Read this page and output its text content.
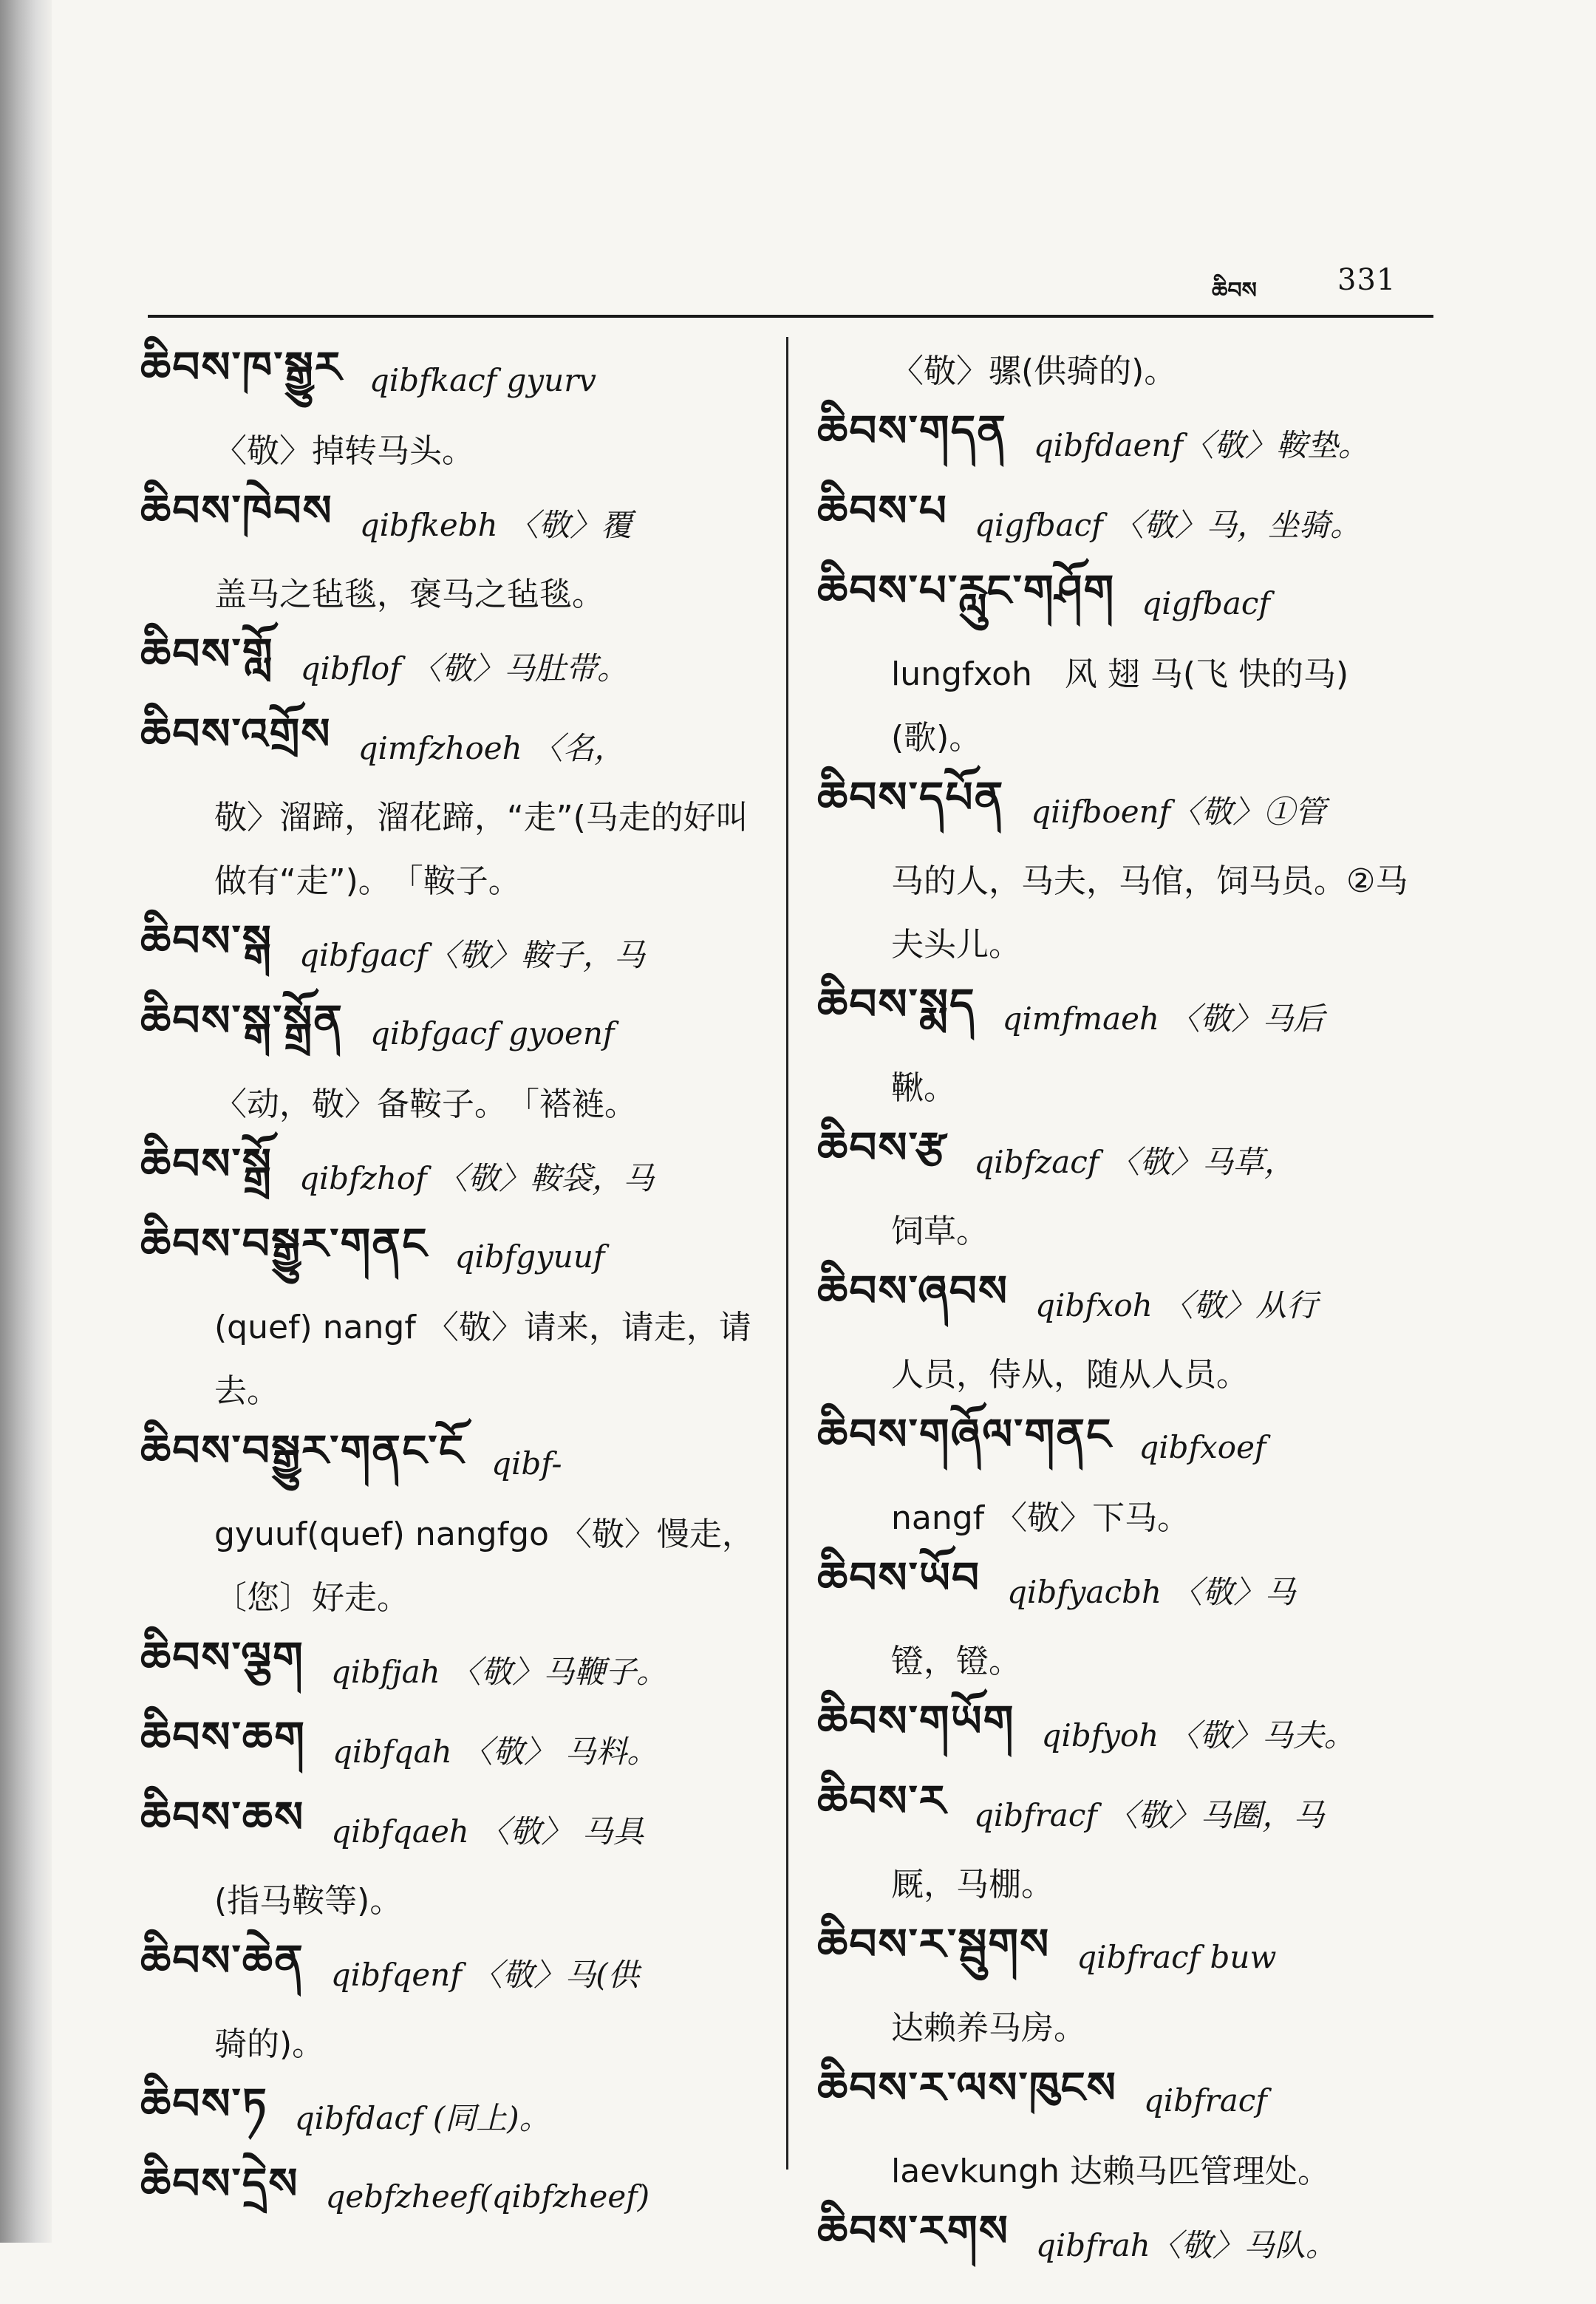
ཆིབས	331
ཆིབས་ཁ་སྒྱུར qibfkacf gyurv
〈敬〉掉转马头。
ཆིབས་ཁེབས qibfkebh 〈敬〉覆
盖马之毡毯，褒马之毡毯。
ཆིབས་གློ qibflof 〈敬〉马肚带。
ཆིབས་འགྲོས qimfzhoeh 〈名，
敬〉溜蹄，溜花蹄，“走”(马走的好叫做有“走”)。　「鞍子。
ཆིབས་སྒ qibfgacf〈敬〉鞍子，马
ཆིབས་སྒ་སྒྲོན qibfgacf gyoenf
〈动，敬〉备鞍子。　「褡裢。
ཆིབས་སྒྲོ qibfzhof 〈敬〉鞍袋，马
ཆིབས་བསྒྱུར་གནང qibfgyuuf
(quef) nangf 〈敬〉请来，请走，请去。
ཆིབས་བསྒྱུར་གནང་ངོ qibf-
gyuuf(quef) nangfgo 〈敬〉慢走，〔您〕好走。
ཆིབས་ལྕག qibfjah 〈敬〉马鞭子。
ཆིབས་ཆག qibfqah 〈敬〉 马料。
ཆིབས་ཆས qibfqaeh 〈敬〉 马具
(指马鞍等)。
ཆིབས་ཆེན qibfqenf 〈敬〉马(供
骑的)。
ཆིབས་ཏ qibfdacf (同上)。
ཆིབས་དྲེས qebfzheef(qibfzheef)
〈敬〉骡(供骑的)。
ཆིབས་གདན qibfdaenf〈敬〉鞍垫。
ཆིབས་པ qigfbacf 〈敬〉马，坐骑。
ཆིབས་པ་རླུང་གཤོག qigfbacf
lungfxoh　风 翅 马(飞 快的马)(歌)。
ཆིབས་དཔོན qiifboenf〈敬〉①管
马的人，马夫，马倌，饲马员。②马夫头儿。
ཆིབས་སྨད qimfmaeh 〈敬〉马后
鞦。
ཆིབས་རྩ qibfzacf 〈敬〉马草，
饲草。
ཆིབས་ཞབས qibfxoh 〈敬〉从行
人员，侍从，随从人员。
ཆིབས་གཞོལ་གནང qibfxoef
nangf 〈敬〉下马。
ཆིབས་ཡོབ qibfyacbh 〈敬〉马
镫，镫。
ཆིབས་གཡོག qibfyoh 〈敬〉马夫。
ཆིབས་ར qibfracf 〈敬〉马圈，马
厩，马棚。
ཆིབས་ར་སྦུགས qibfracf buw
达赖养马房。
ཆིབས་ར་ལས་ཁུངས qibfracf
laevkungh 达赖马匹管理处。
ཆིབས་རགས qibfrah〈敬〉马队。
